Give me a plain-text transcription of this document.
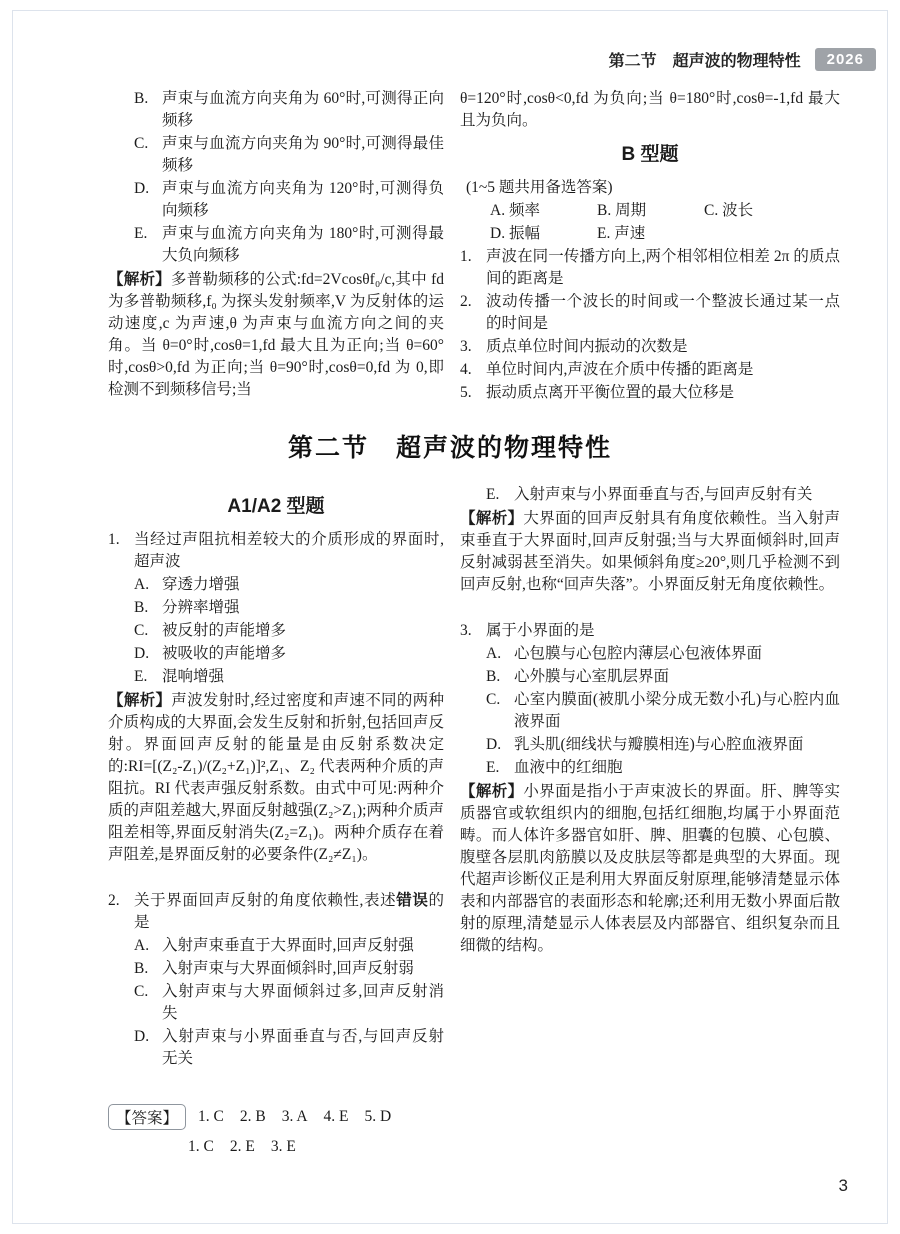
第二节　超声波的物理特性	2026
B. 声束与血流方向夹角为 60°时,可测得正向频移
C. 声束与血流方向夹角为 90°时,可测得最佳频移
D. 声束与血流方向夹角为 120°时,可测得负向频移
E. 声束与血流方向夹角为 180°时,可测得最大负向频移
【解析】多普勒频移的公式:fd=2Vcosθf₀/c,其中 fd 为多普勒频移,f₀ 为探头发射频率,V 为反射体的运动速度,c 为声速,θ 为声束与血流方向之间的夹角。当 θ=0°时,cosθ=1,fd 最大且为正向;当 θ=60°时,cosθ>0,fd 为正向;当 θ=90°时,cosθ=0,fd 为 0,即检测不到频移信号;当
θ=120°时,cosθ<0,fd 为负向;当 θ=180°时,cosθ=-1,fd 最大且为负向。
B 型题
(1~5 题共用备选答案)
A. 频率	B. 周期	C. 波长
D. 振幅	E. 声速
1. 声波在同一传播方向上,两个相邻相位相差 2π 的质点间的距离是
2. 波动传播一个波长的时间或一个整波长通过某一点的时间是
3. 质点单位时间内振动的次数是
4. 单位时间内,声波在介质中传播的距离是
5. 振动质点离开平衡位置的最大位移是
第二节　超声波的物理特性
A1/A2 型题
1. 当经过声阻抗相差较大的介质形成的界面时,超声波
A. 穿透力增强
B. 分辨率增强
C. 被反射的声能增多
D. 被吸收的声能增多
E. 混响增强
【解析】声波发射时,经过密度和声速不同的两种介质构成的大界面,会发生反射和折射,包括回声反射。界面回声反射的能量是由反射系数决定的:RI=[(Z₂-Z₁)/(Z₂+Z₁)]²,Z₁、Z₂ 代表两种介质的声阻抗。RI 代表声强反射系数。由式中可见:两种介质的声阻差越大,界面反射越强(Z₂>Z₁);两种介质声阻差相等,界面反射消失(Z₂=Z₁)。两种介质存在着声阻差,是界面反射的必要条件(Z₂≠Z₁)。
2. 关于界面回声反射的角度依赖性,表述错误的是
A. 入射声束垂直于大界面时,回声反射强
B. 入射声束与大界面倾斜时,回声反射弱
C. 入射声束与大界面倾斜过多,回声反射消失
D. 入射声束与小界面垂直与否,与回声反射无关
E. 入射声束与小界面垂直与否,与回声反射有关
【解析】大界面的回声反射具有角度依赖性。当入射声束垂直于大界面时,回声反射强;当与大界面倾斜时,回声反射减弱甚至消失。如果倾斜角度≥20°,则几乎检测不到回声反射,也称“回声失落”。小界面反射无角度依赖性。
3. 属于小界面的是
A. 心包膜与心包腔内薄层心包液体界面
B. 心外膜与心室肌层界面
C. 心室内膜面(被肌小梁分成无数小孔)与心腔内血液界面
D. 乳头肌(细线状与瓣膜相连)与心腔血液界面
E. 血液中的红细胞
【解析】小界面是指小于声束波长的界面。肝、脾等实质器官或软组织内的细胞,包括红细胞,均属于小界面范畴。而人体许多器官如肝、脾、胆囊的包膜、心包膜、腹壁各层肌肉筋膜以及皮肤层等都是典型的大界面。现代超声诊断仪正是利用大界面反射原理,能够清楚显示体表和内部器官的表面形态和轮廓;还利用无数小界面后散射的原理,清楚显示人体表层及内部器官、组织复杂而且细微的结构。
【答案】	1. C 2. B 3. A 4. E 5. D
1. C 2. E 3. E
3
